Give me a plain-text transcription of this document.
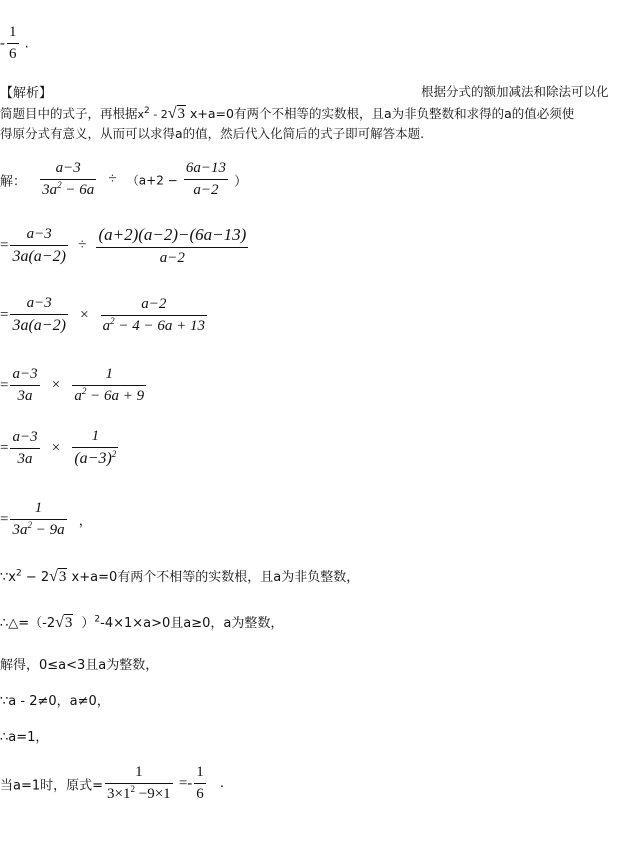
- $\frac{1}{6}$ .
【解析】	根据分式的额加减法和除法可以化
简题目中的式子，再根据$x^2 - 2√3$ x+a=0有两个不相等的实数根，且a为非负整数和求得的a的值必须使
得原分式有意义，从而可以求得a的值，然后代入化简后的式子即可解答本题.
解： $\frac{a-3}{3a^2 - 6a} \div (a+2 - \frac{6a-13}{a-2}$ ）
= $\frac{a-3}{3a(a-2)} \div \frac{(a+2)(a-2)-(6a-13)}{a-2}$
= $\frac{a-3}{3a(a-2)} \times \frac{a-2}{a^2 - 4 - 6a + 13}$
= $\frac{a-3}{3a} \times \frac{1}{a^2 - 6a + 9}$
= $\frac{a-3}{3a} \times \frac{1}{(a-3)^2}$
= $\frac{1}{3a^2 - 9a}$ ，
$\because x^2 - 2√3$ x+a=0有两个不相等的实数根，且a为非负整数，
∴△=（-2√3 ）$^2$-4×1×a>0且a≥0，a为整数，
解得，0≤a<3且a为整数，
∵a - 2≠0，a≠0，
∴a=1，
当a=1时，原式= $\frac{1}{3\times 1^2 -9\times 1} =- \frac{1}{6}$ .
